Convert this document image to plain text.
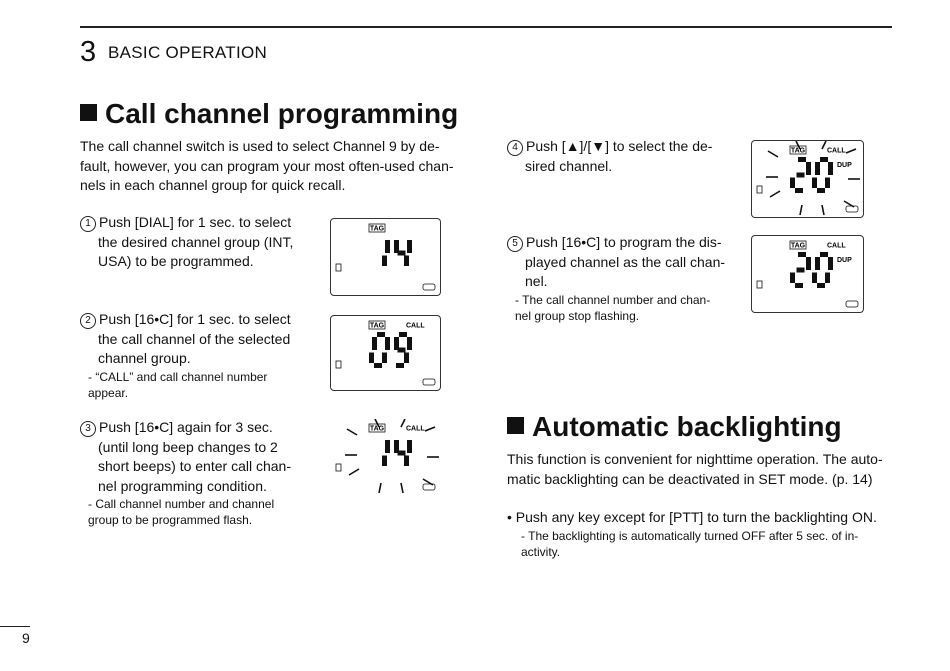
3 BASIC OPERATION
Call channel programming
The call channel switch is used to select Channel 9 by de-
fault, however, you can program your most often-used chan-
nels in each channel group for quick recall.
1 Push [DIAL] for 1 sec. to select
the desired channel group (INT,
USA) to be programmed.
2 Push [16•C] for 1 sec. to select
the call channel of the selected
channel group.
- “CALL” and call channel number
appear.
3 Push [16•C] again for 3 sec.
(until long beep changes to 2
short beeps) to enter call chan-
nel programming condition.
- Call channel number and channel
group to be programmed flash.
4 Push [▲]/[▼] to select the de-
sired channel.
5 Push [16•C] to program the dis-
played channel as the call chan-
nel.
- The call channel number and chan-
nel group stop flashing.
TAG
TAG	CALL
TAG	CALL
TAG	CALL
DUP
TAG	CALL
DUP
Automatic backlighting
This function is convenient for nighttime operation. The auto-
matic backlighting can be deactivated in SET mode. (p. 14)
• Push any key except for [PTT] to turn the backlighting ON.
- The backlighting is automatically turned OFF after 5 sec. of in-
activity.
9
